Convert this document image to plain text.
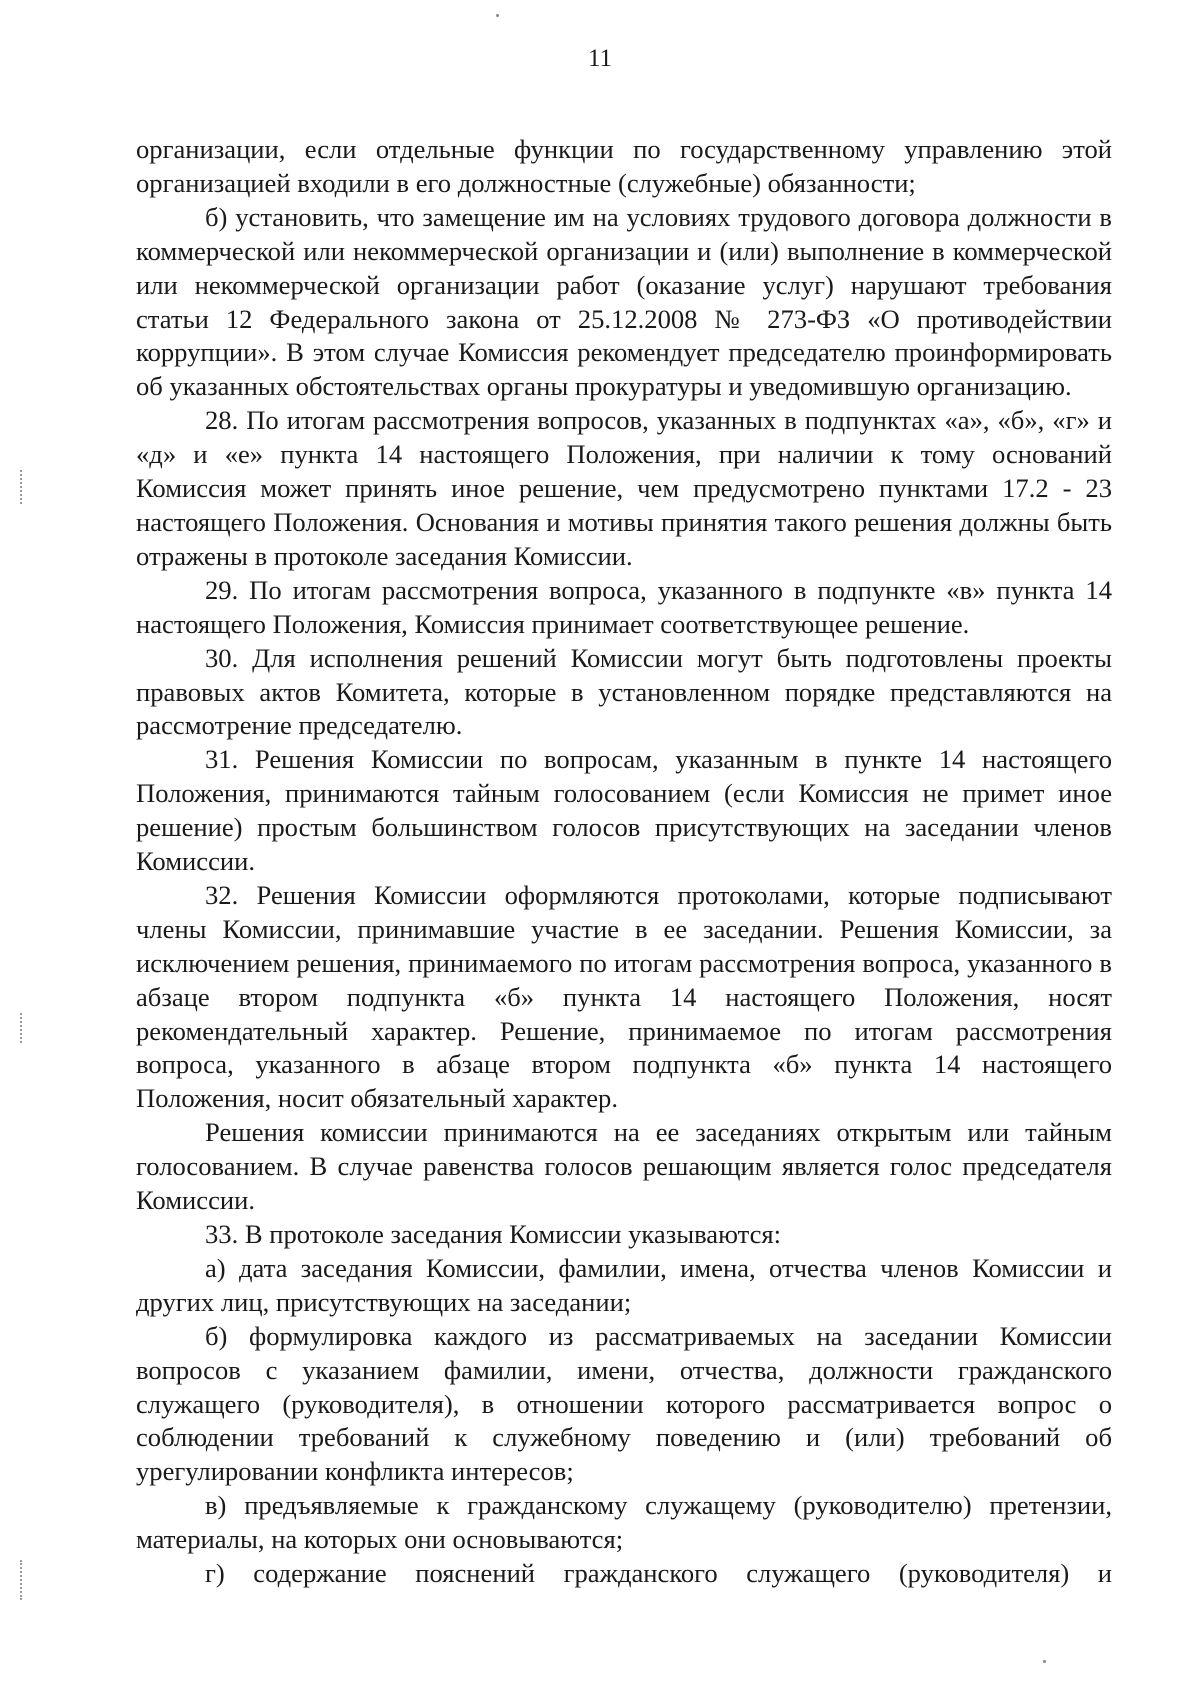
11

организации, если отдельные функции по государственному управлению этой организацией входили в его должностные (служебные) обязанности;

б) установить, что замещение им на условиях трудового договора должности в коммерческой или некоммерческой организации и (или) выполнение в коммерческой или некоммерческой организации работ (оказание услуг) нарушают требования статьи 12 Федерального закона от 25.12.2008 № 273-ФЗ «О противодействии коррупции». В этом случае Комиссия рекомендует председателю проинформировать об указанных обстоятельствах органы прокуратуры и уведомившую организацию.

28. По итогам рассмотрения вопросов, указанных в подпунктах «а», «б», «г» и «д» и «е» пункта 14 настоящего Положения, при наличии к тому оснований Комиссия может принять иное решение, чем предусмотрено пунктами 17.2 - 23 настоящего Положения. Основания и мотивы принятия такого решения должны быть отражены в протоколе заседания Комиссии.

29. По итогам рассмотрения вопроса, указанного в подпункте «в» пункта 14 настоящего Положения, Комиссия принимает соответствующее решение.

30. Для исполнения решений Комиссии могут быть подготовлены проекты правовых актов Комитета, которые в установленном порядке представляются на рассмотрение председателю.

31. Решения Комиссии по вопросам, указанным в пункте 14 настоящего Положения, принимаются тайным голосованием (если Комиссия не примет иное решение) простым большинством голосов присутствующих на заседании членов Комиссии.

32. Решения Комиссии оформляются протоколами, которые подписывают члены Комиссии, принимавшие участие в ее заседании. Решения Комиссии, за исключением решения, принимаемого по итогам рассмотрения вопроса, указанного в абзаце втором подпункта «б» пункта 14 настоящего Положения, носят рекомендательный характер. Решение, принимаемое по итогам рассмотрения вопроса, указанного в абзаце втором подпункта «б» пункта 14 настоящего Положения, носит обязательный характер.

Решения комиссии принимаются на ее заседаниях открытым или тайным голосованием. В случае равенства голосов решающим является голос председателя Комиссии.

33. В протоколе заседания Комиссии указываются:

а) дата заседания Комиссии, фамилии, имена, отчества членов Комиссии и других лиц, присутствующих на заседании;

б) формулировка каждого из рассматриваемых на заседании Комиссии вопросов с указанием фамилии, имени, отчества, должности гражданского служащего (руководителя), в отношении которого рассматривается вопрос о соблюдении требований к служебному поведению и (или) требований об урегулировании конфликта интересов;

в) предъявляемые к гражданскому служащему (руководителю) претензии, материалы, на которых они основываются;

г) содержание пояснений гражданского служащего (руководителя) и
